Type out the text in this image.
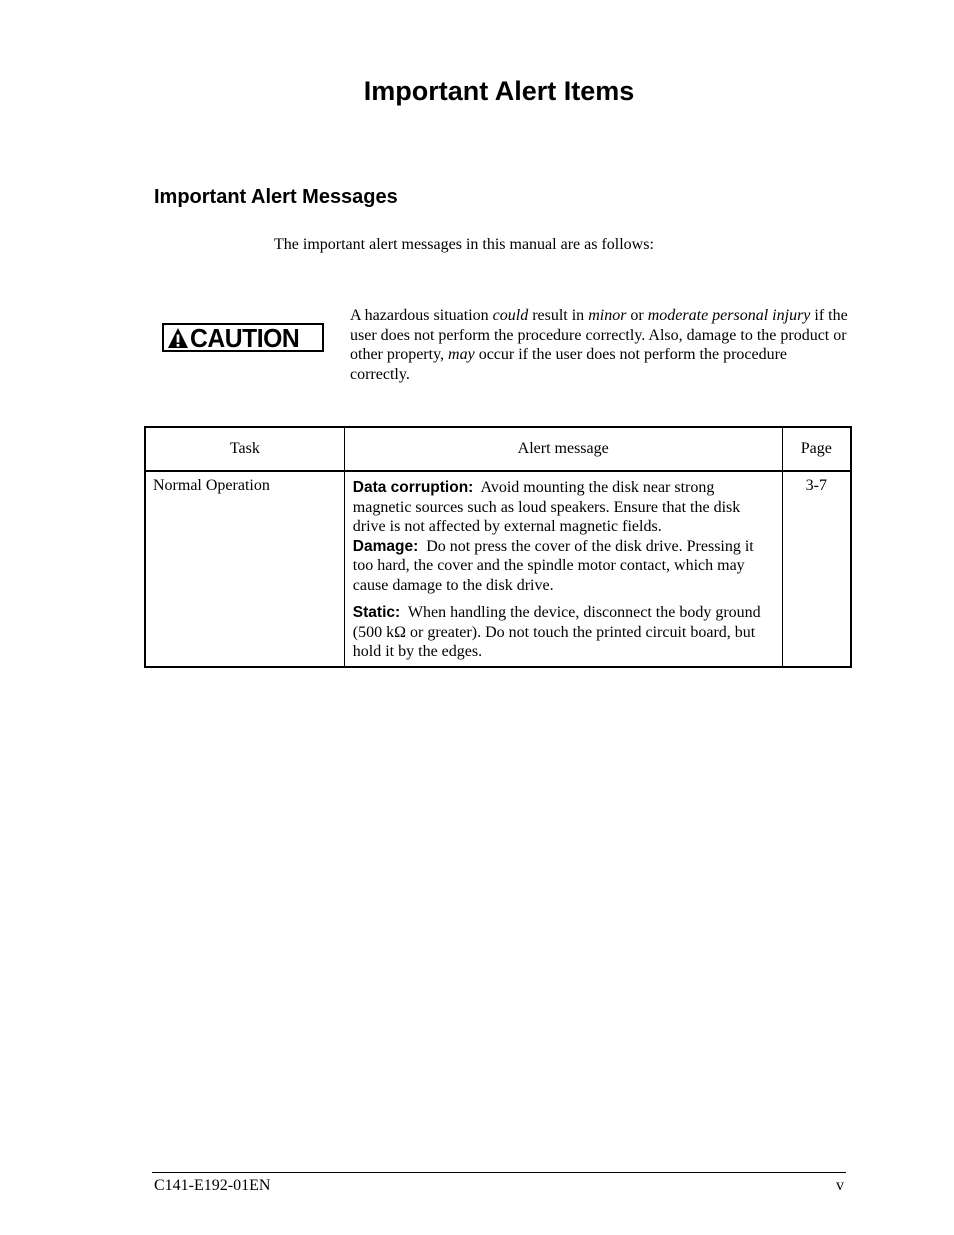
Important Alert Items
Important Alert Messages
The important alert messages in this manual are as follows:
CAUTION
A hazardous situation could result in minor or moderate personal injury if the user does not perform the procedure correctly. Also, damage to the product or other property, may occur if the user does not perform the procedure correctly.
Task	Alert message	Page
Normal Operation	Data corruption: Avoid mounting the disk near strong magnetic sources such as loud speakers. Ensure that the disk drive is not affected by external magnetic fields.

Damage: Do not press the cover of the disk drive. Pressing it too hard, the cover and the spindle motor contact, which may cause damage to the disk drive.

Static: When handling the device, disconnect the body ground (500 kΩ or greater). Do not touch the printed circuit board, but hold it by the edges.	3-7
C141-E192-01EN	v
